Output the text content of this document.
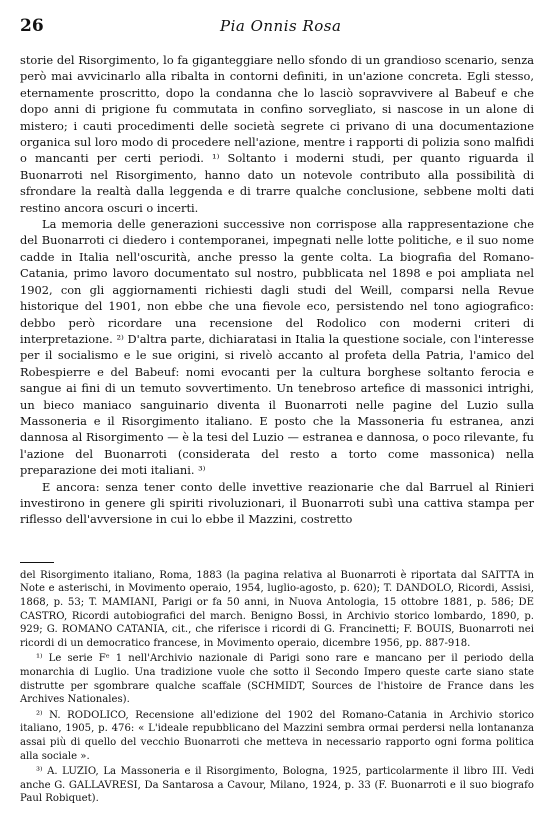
26	Pia Onnis Rosa

storie del Risorgimento, lo fa giganteggiare nello sfondo di un grandioso scenario, senza però mai avvicinarlo alla ribalta in contorni definiti, in un'azione concreta. Egli stesso, eternamente proscritto, dopo la condanna che lo lasciò sopravvivere al Babeuf e che dopo anni di prigione fu commutata in confino sorvegliato, si nascose in un alone di mistero; i cauti procedimenti delle società segrete ci privano di una documentazione organica sul loro modo di procedere nell'azione, mentre i rapporti di polizia sono malfidi o mancanti per certi periodi. ¹⁾ Soltanto i moderni studi, per quanto riguarda il Buonarroti nel Risorgimento, hanno dato un notevole contributo alla possibilità di sfrondare la realtà dalla leggenda e di trarre qualche conclusione, sebbene molti dati restino ancora oscuri o incerti.

La memoria delle generazioni successive non corrispose alla rappresentazione che del Buonarroti ci diedero i contemporanei, impegnati nelle lotte politiche, e il suo nome cadde in Italia nell'oscurità, anche presso la gente colta. La biografia del Romano-Catania, primo lavoro documentato sul nostro, pubblicata nel 1898 e poi ampliata nel 1902, con gli aggiornamenti richiesti dagli studi del Weill, comparsi nella Revue historique del 1901, non ebbe che una fievole eco, persistendo nel tono agiografico: debbo però ricordare una recensione del Rodolico con moderni criteri di interpretazione. ²⁾ D'altra parte, dichiaratasi in Italia la questione sociale, con l'interesse per il socialismo e le sue origini, si rivelò accanto al profeta della Patria, l'amico del Robespierre e del Babeuf: nomi evocanti per la cultura borghese soltanto ferocia e sangue ai fini di un temuto sovvertimento. Un tenebroso artefice di massonici intrighi, un bieco maniaco sanguinario diventa il Buonarroti nelle pagine del Luzio sulla Massoneria e il Risorgimento italiano. E posto che la Massoneria fu estranea, anzi dannosa al Risorgimento — è la tesi del Luzio — estranea e dannosa, o poco rilevante, fu l'azione del Buonarroti (considerata del resto a torto come massonica) nella preparazione dei moti italiani. ³⁾

E ancora: senza tener conto delle invettive reazionarie che dal Barruel al Rinieri investirono in genere gli spiriti rivoluzionari, il Buonarroti subì una cattiva stampa per riflesso dell'avversione in cui lo ebbe il Mazzini, costretto

del Risorgimento italiano, Roma, 1883 (la pagina relativa al Buonarroti è riportata dal SAITTA in Note e asterischi, in Movimento operaio, 1954, luglio-agosto, p. 620); T. DANDOLO, Ricordi, Assisi, 1868, p. 53; T. MAMIANI, Parigi or fa 50 anni, in Nuova Antologia, 15 ottobre 1881, p. 586; DE CASTRO, Ricordi autobiografici del march. Benigno Bossi, in Archivio storico lombardo, 1890, p. 929; G. ROMANO CATANIA, cit., che riferisce i ricordi di G. Francinetti; F. BOUIS, Buonarroti nei ricordi di un democratico francese, in Movimento operaio, dicembre 1956, pp. 887-918.

¹⁾ Le serie Fᵉ 1 nell'Archivio nazionale di Parigi sono rare e mancano per il periodo della monarchia di Luglio. Una tradizione vuole che sotto il Secondo Impero queste carte siano state distrutte per sgombrare qualche scaffale (SCHMIDT, Sources de l'histoire de France dans les Archives Nationales).

²⁾ N. RODOLICO, Recensione all'edizione del 1902 del Romano-Catania in Archivio storico italiano, 1905, p. 476: « L'ideale repubblicano del Mazzini sembra ormai perdersi nella lontananza assai più di quello del vecchio Buonarroti che metteva in necessario rapporto ogni forma politica alla sociale ».

³⁾ A. LUZIO, La Massoneria e il Risorgimento, Bologna, 1925, particolarmente il libro III. Vedi anche G. GALLAVRESI, Da Santarosa a Cavour, Milano, 1924, p. 33 (F. Buonarroti e il suo biografo Paul Robiquet).
